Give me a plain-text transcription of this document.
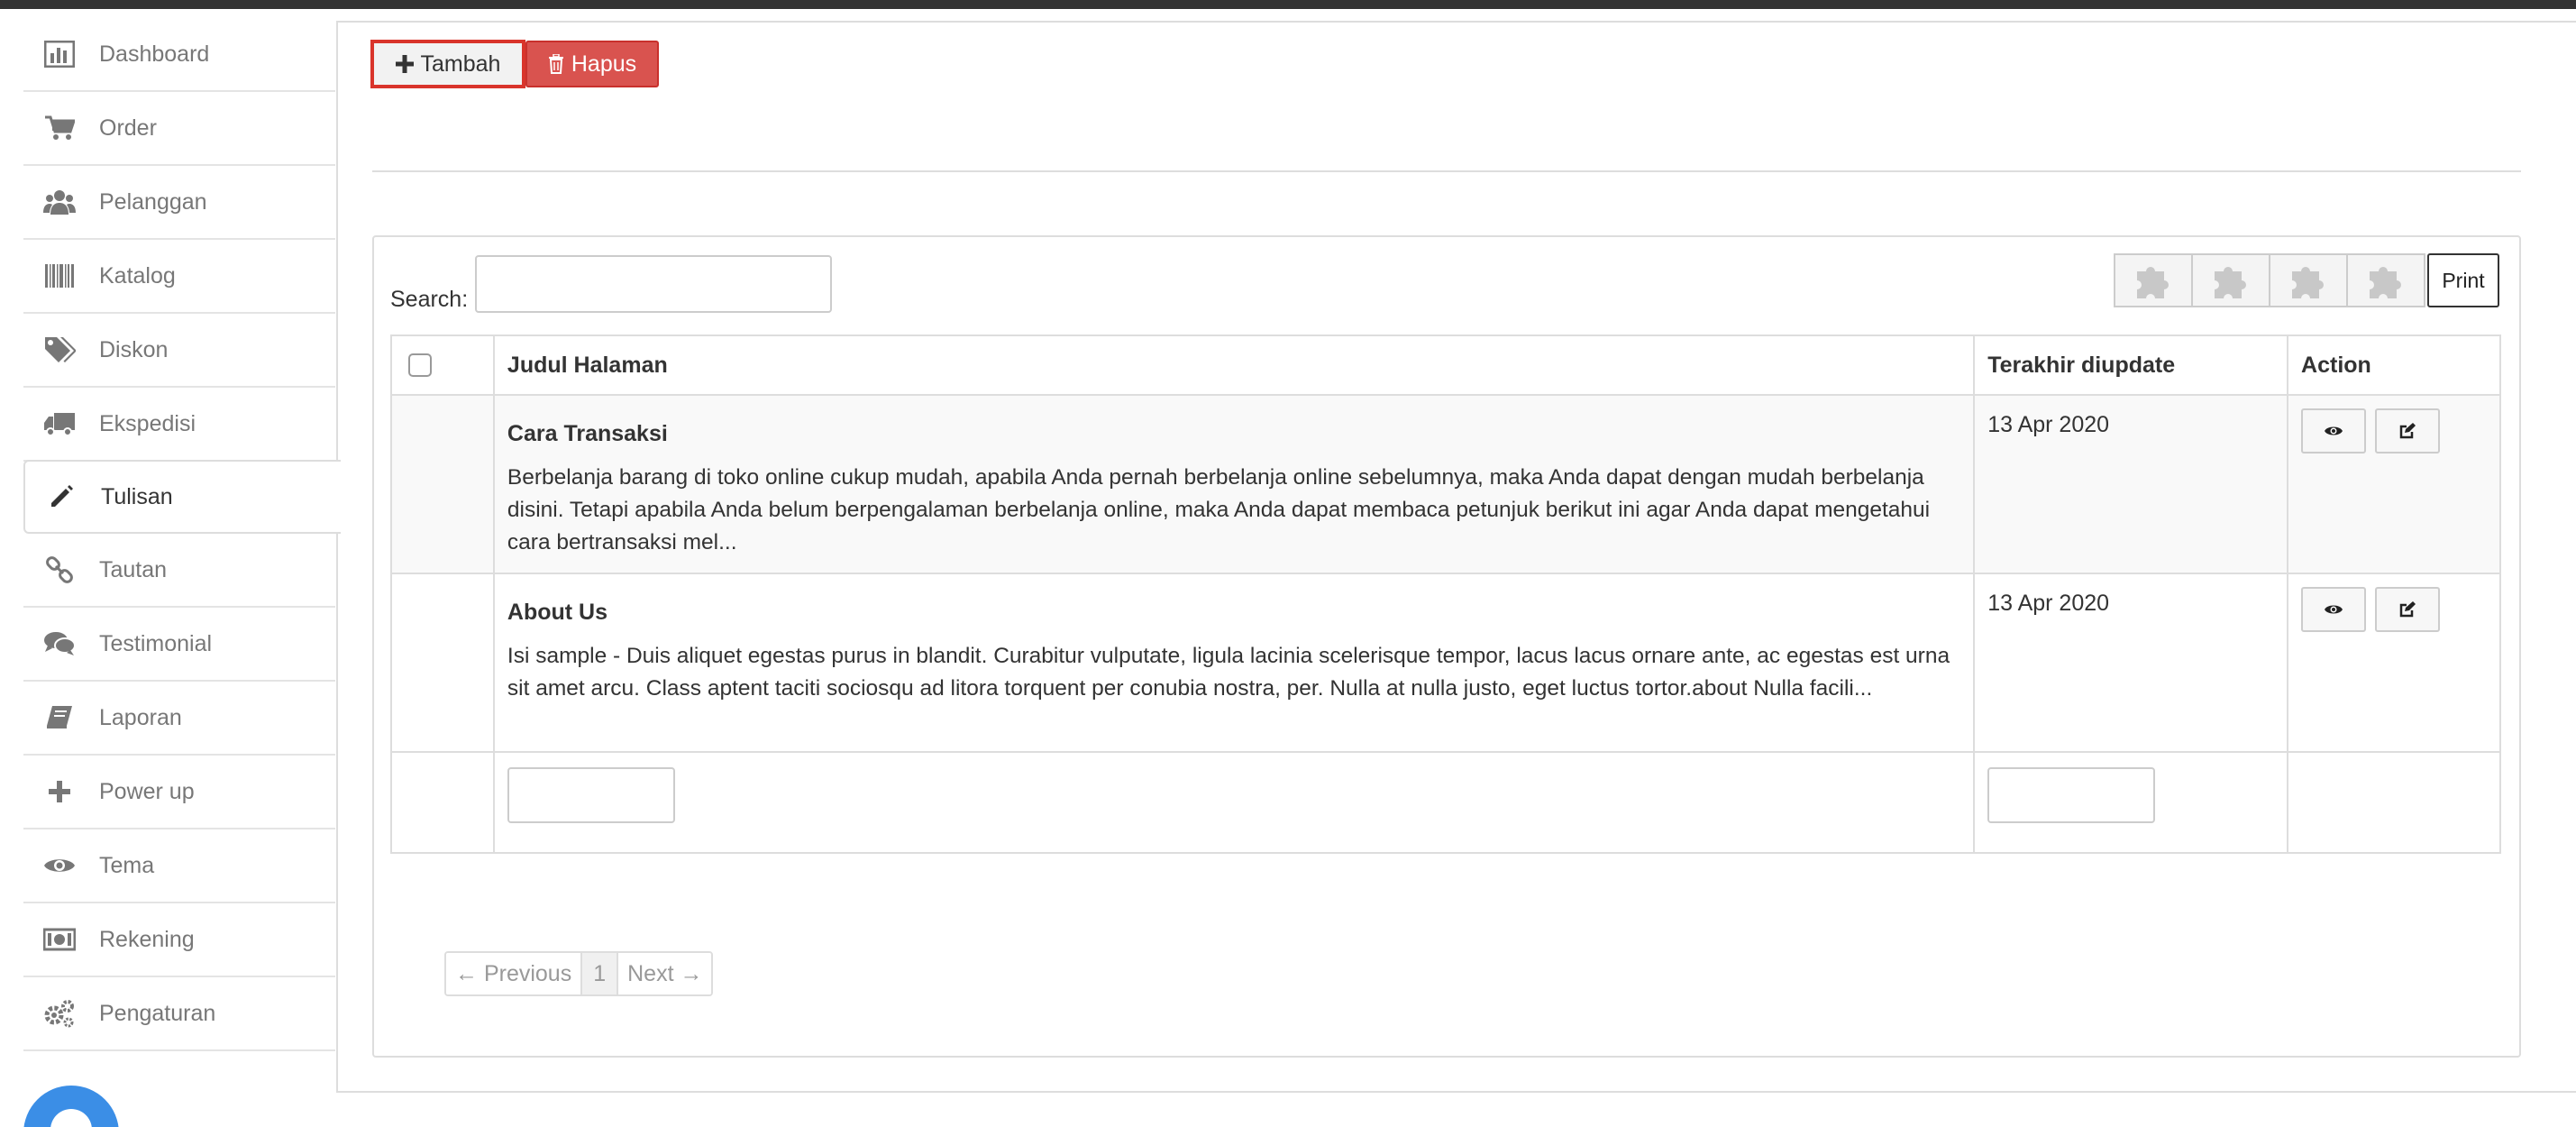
Dashboard
Order
Pelanggan
Katalog
Diskon
Ekspedisi
Tulisan
Tautan
Testimonial
Laporan
Power up
Tema
Rekening
Pengaturan
Tambah	Hapus
Search:
Print
	Judul Halaman	Terakhir diupdate	Action

	Cara Transaksi
Berbelanja barang di toko online cukup mudah, apabila Anda pernah berbelanja online sebelumnya, maka Anda dapat dengan mudah berbelanja disini. Tetapi apabila Anda belum berpengalaman berbelanja online, maka Anda dapat membaca petunjuk berikut ini agar Anda dapat mengetahui cara bertransaksi mel...	13 Apr 2020

	About Us
Isi sample - Duis aliquet egestas purus in blandit. Curabitur vulputate, ligula lacinia scelerisque tempor, lacus lacus ornare ante, ac egestas est urna sit amet arcu. Class aptent taciti sociosqu ad litora torquent per conubia nostra, per. Nulla at nulla justo, eget luctus tortor.about Nulla facili...	13 Apr 2020

← Previous 1 Next →
